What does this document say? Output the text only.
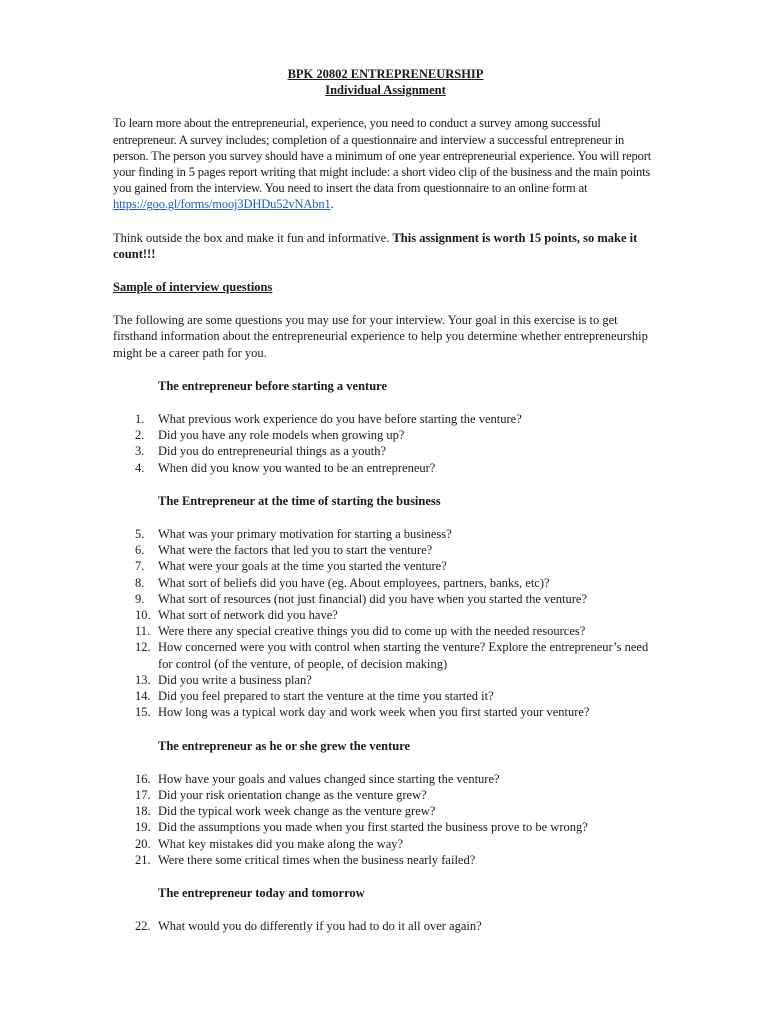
BPK 20802 ENTREPRENEURSHIP

Individual Assignment

To learn more about the entrepreneurial, experience, you need to conduct a survey among successful entrepreneur. A survey includes; completion of a questionnaire and interview a successful entrepreneur in person. The person you survey should have a minimum of one year entrepreneurial experience. You will report your finding in 5 pages report writing that might include: a short video clip of the business and the main points you gained from the interview. You need to insert the data from questionnaire to an online form at https://goo.gl/forms/mooj3DHDu52vNAbn1.

Think outside the box and make it fun and informative. This assignment is worth 15 points, so make it count!!!

Sample of interview questions

The following are some questions you may use for your interview. Your goal in this exercise is to get firsthand information about the entrepreneurial experience to help you determine whether entrepreneurship might be a career path for you.

The entrepreneur before starting a venture

1.	What previous work experience do you have before starting the venture?
2.	Did you have any role models when growing up?
3.	Did you do entrepreneurial things as a youth?
4.	When did you know you wanted to be an entrepreneur?

The Entrepreneur at the time of starting the business

5.	What was your primary motivation for starting a business?
6.	What were the factors that led you to start the venture?
7.	What were your goals at the time you started the venture?
8.	What sort of beliefs did you have (eg. About employees, partners, banks, etc)?
9.	What sort of resources (not just financial) did you have when you started the venture?
10. What sort of network did you have?
11. Were there any special creative things you did to come up with the needed resources?
12. How concerned were you with control when starting the venture? Explore the entrepreneur’s need for control (of the venture, of people, of decision making)
13. Did you write a business plan?
14. Did you feel prepared to start the venture at the time you started it?
15. How long was a typical work day and work week when you first started your venture?

The entrepreneur as he or she grew the venture

16. How have your goals and values changed since starting the venture?
17. Did your risk orientation change as the venture grew?
18. Did the typical work week change as the venture grew?
19. Did the assumptions you made when you first started the business prove to be wrong?
20. What key mistakes did you make along the way?
21. Were there some critical times when the business nearly failed?

The entrepreneur today and tomorrow

22. What would you do differently if you had to do it all over again?
